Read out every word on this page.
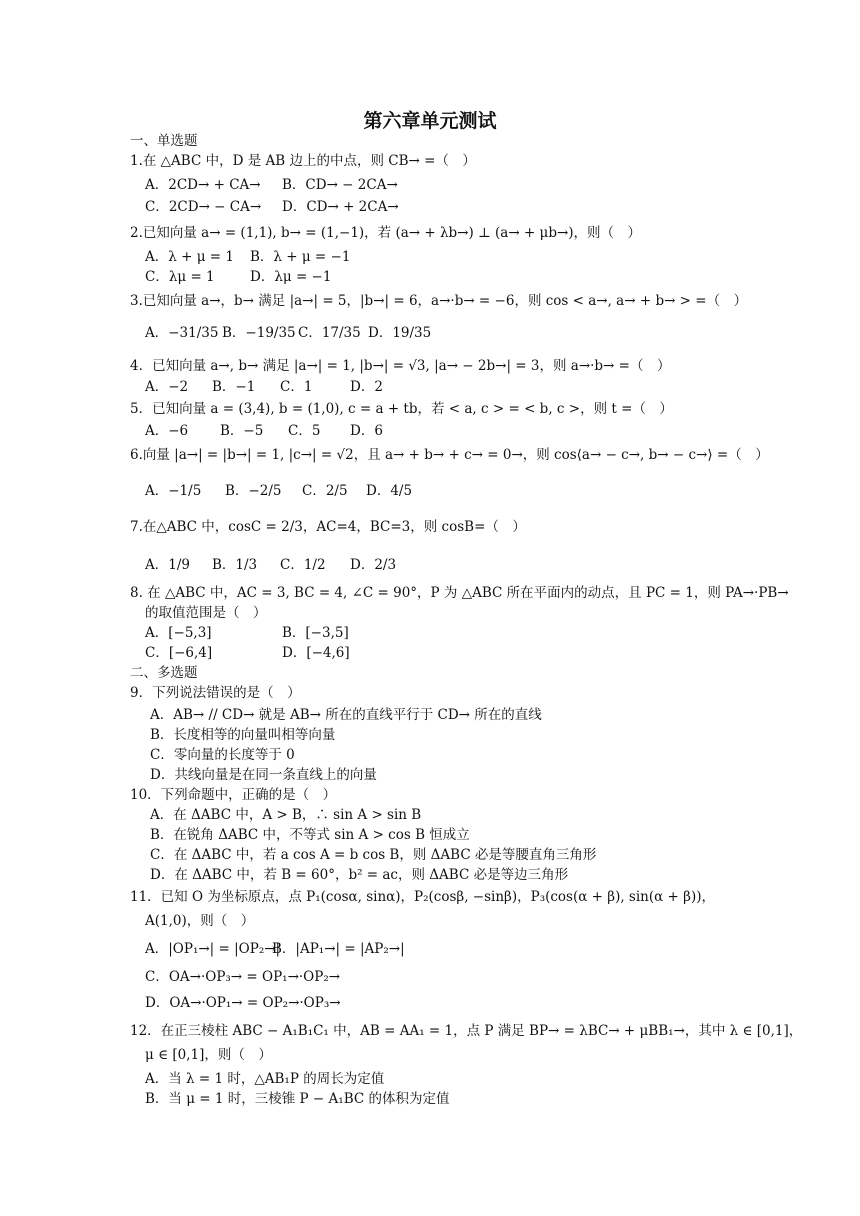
第六章单元测试
一、单选题
1.在 △ABC 中，D 是 AB 边上的中点，则 CB→ =（　）
A．2CD→ + CA→ B．CD→ − 2CA→
C．2CD→ − CA→ D．CD→ + 2CA→
2.已知向量 a→ = (1,1), b→ = (1,−1)，若 (a→ + λb→) ⊥ (a→ + μb→)，则（　）
A．λ + μ = 1 B．λ + μ = −1
C．λμ = 1	D．λμ = −1
3.已知向量 a→，b→ 满足 |a→| = 5，|b→| = 6，a→·b→ = −6，则 cos < a→, a→ + b→ > =（　）
A．−31/35 B．−19/35 C．17/35 D．19/35
4．已知向量 a→, b→ 满足 |a→| = 1, |b→| = √3, |a→ − 2b→| = 3，则 a→·b→ =（　）
A．−2 B．−1 C．1	D．2
5．已知向量 a = (3,4), b = (1,0), c = a + tb，若 < a, c > = < b, c >，则 t =（　）
A．−6 B．−5 C．5 D．6
6.向量 |a→| = |b→| = 1, |c→| = √2，且 a→ + b→ + c→ = 0→，则 cos⟨a→ − c→, b→ − c→⟩ =（　）
A．−1/5 B．−2/5 C．2/5 D．4/5
7.在△ABC 中，cosC = 2/3，AC=4，BC=3，则 cosB=（　）
A．1/9 B．1/3 C．1/2 D．2/3
8. 在 △ABC 中，AC = 3, BC = 4, ∠C = 90°，P 为 △ABC 所在平面内的动点，且 PC = 1，则 PA→·PB→
的取值范围是（　）
A．[−5,3]	B．[−3,5]
C．[−6,4]	D．[−4,6]
二、多选题
9．下列说法错误的是（　）
A．AB→ // CD→ 就是 AB→ 所在的直线平行于 CD→ 所在的直线
B．长度相等的向量叫相等向量
C．零向量的长度等于 0
D．共线向量是在同一条直线上的向量
10．下列命题中，正确的是（　）
A．在 ΔABC 中，A > B，∴ sin A > sin B
B．在锐角 ΔABC 中，不等式 sin A > cos B 恒成立
C．在 ΔABC 中，若 a cos A = b cos B，则 ΔABC 必是等腰直角三角形
D．在 ΔABC 中，若 B = 60°，b² = ac，则 ΔABC 必是等边三角形
11．已知 O 为坐标原点，点 P₁(cosα, sinα)，P₂(cosβ, −sinβ)，P₃(cos(α + β), sin(α + β))，
A(1,0)，则（　）
A．|OP₁→| = |OP₂→|
B．|AP₁→| = |AP₂→|
C．OA→·OP₃→ = OP₁→·OP₂→
D．OA→·OP₁→ = OP₂→·OP₃→
12．在正三棱柱 ABC − A₁B₁C₁ 中，AB = AA₁ = 1，点 P 满足 BP→ = λBC→ + μBB₁→，其中 λ ∈ [0,1]，
μ ∈ [0,1]，则（　）
A．当 λ = 1 时，△AB₁P 的周长为定值
B．当 μ = 1 时，三棱锥 P − A₁BC 的体积为定值
